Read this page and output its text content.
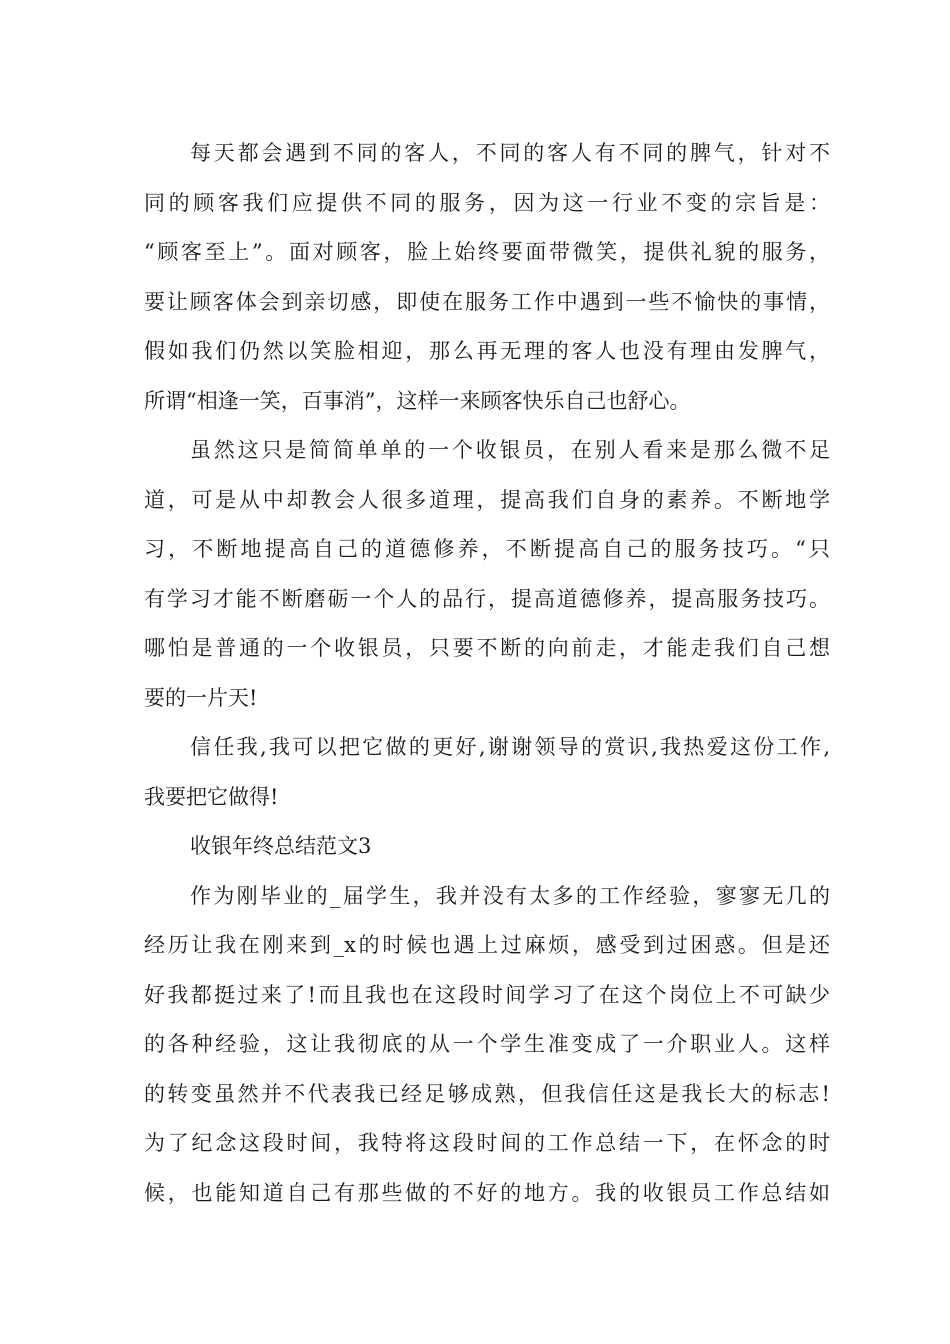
每天都会遇到不同的客人，不同的客人有不同的脾气，针对不
同的顾客我们应提供不同的服务，因为这一行业不变的宗旨是：
“顾客至上”。面对顾客，脸上始终要面带微笑，提供礼貌的服务，
要让顾客体会到亲切感，即使在服务工作中遇到一些不愉快的事情，
假如我们仍然以笑脸相迎，那么再无理的客人也没有理由发脾气，
所谓“相逢一笑，百事消”，这样一来顾客快乐自己也舒心。
虽然这只是简简单单的一个收银员，在别人看来是那么微不足
道，可是从中却教会人很多道理，提高我们自身的素养。不断地学
习，不断地提高自己的道德修养，不断提高自己的服务技巧。“只
有学习才能不断磨砺一个人的品行，提高道德修养，提高服务技巧。
哪怕是普通的一个收银员，只要不断的向前走，才能走我们自己想
要的一片天!
信任我,我可以把它做的更好,谢谢领导的赏识,我热爱这份工作,
我要把它做得!
收银年终总结范文3
作为刚毕业的_届学生，我并没有太多的工作经验，寥寥无几的
经历让我在刚来到_x的时候也遇上过麻烦，感受到过困惑。但是还
好我都挺过来了!而且我也在这段时间学习了在这个岗位上不可缺少
的各种经验，这让我彻底的从一个学生准变成了一介职业人。这样
的转变虽然并不代表我已经足够成熟，但我信任这是我长大的标志!
为了纪念这段时间，我特将这段时间的工作总结一下，在怀念的时
候，也能知道自己有那些做的不好的地方。我的收银员工作总结如
